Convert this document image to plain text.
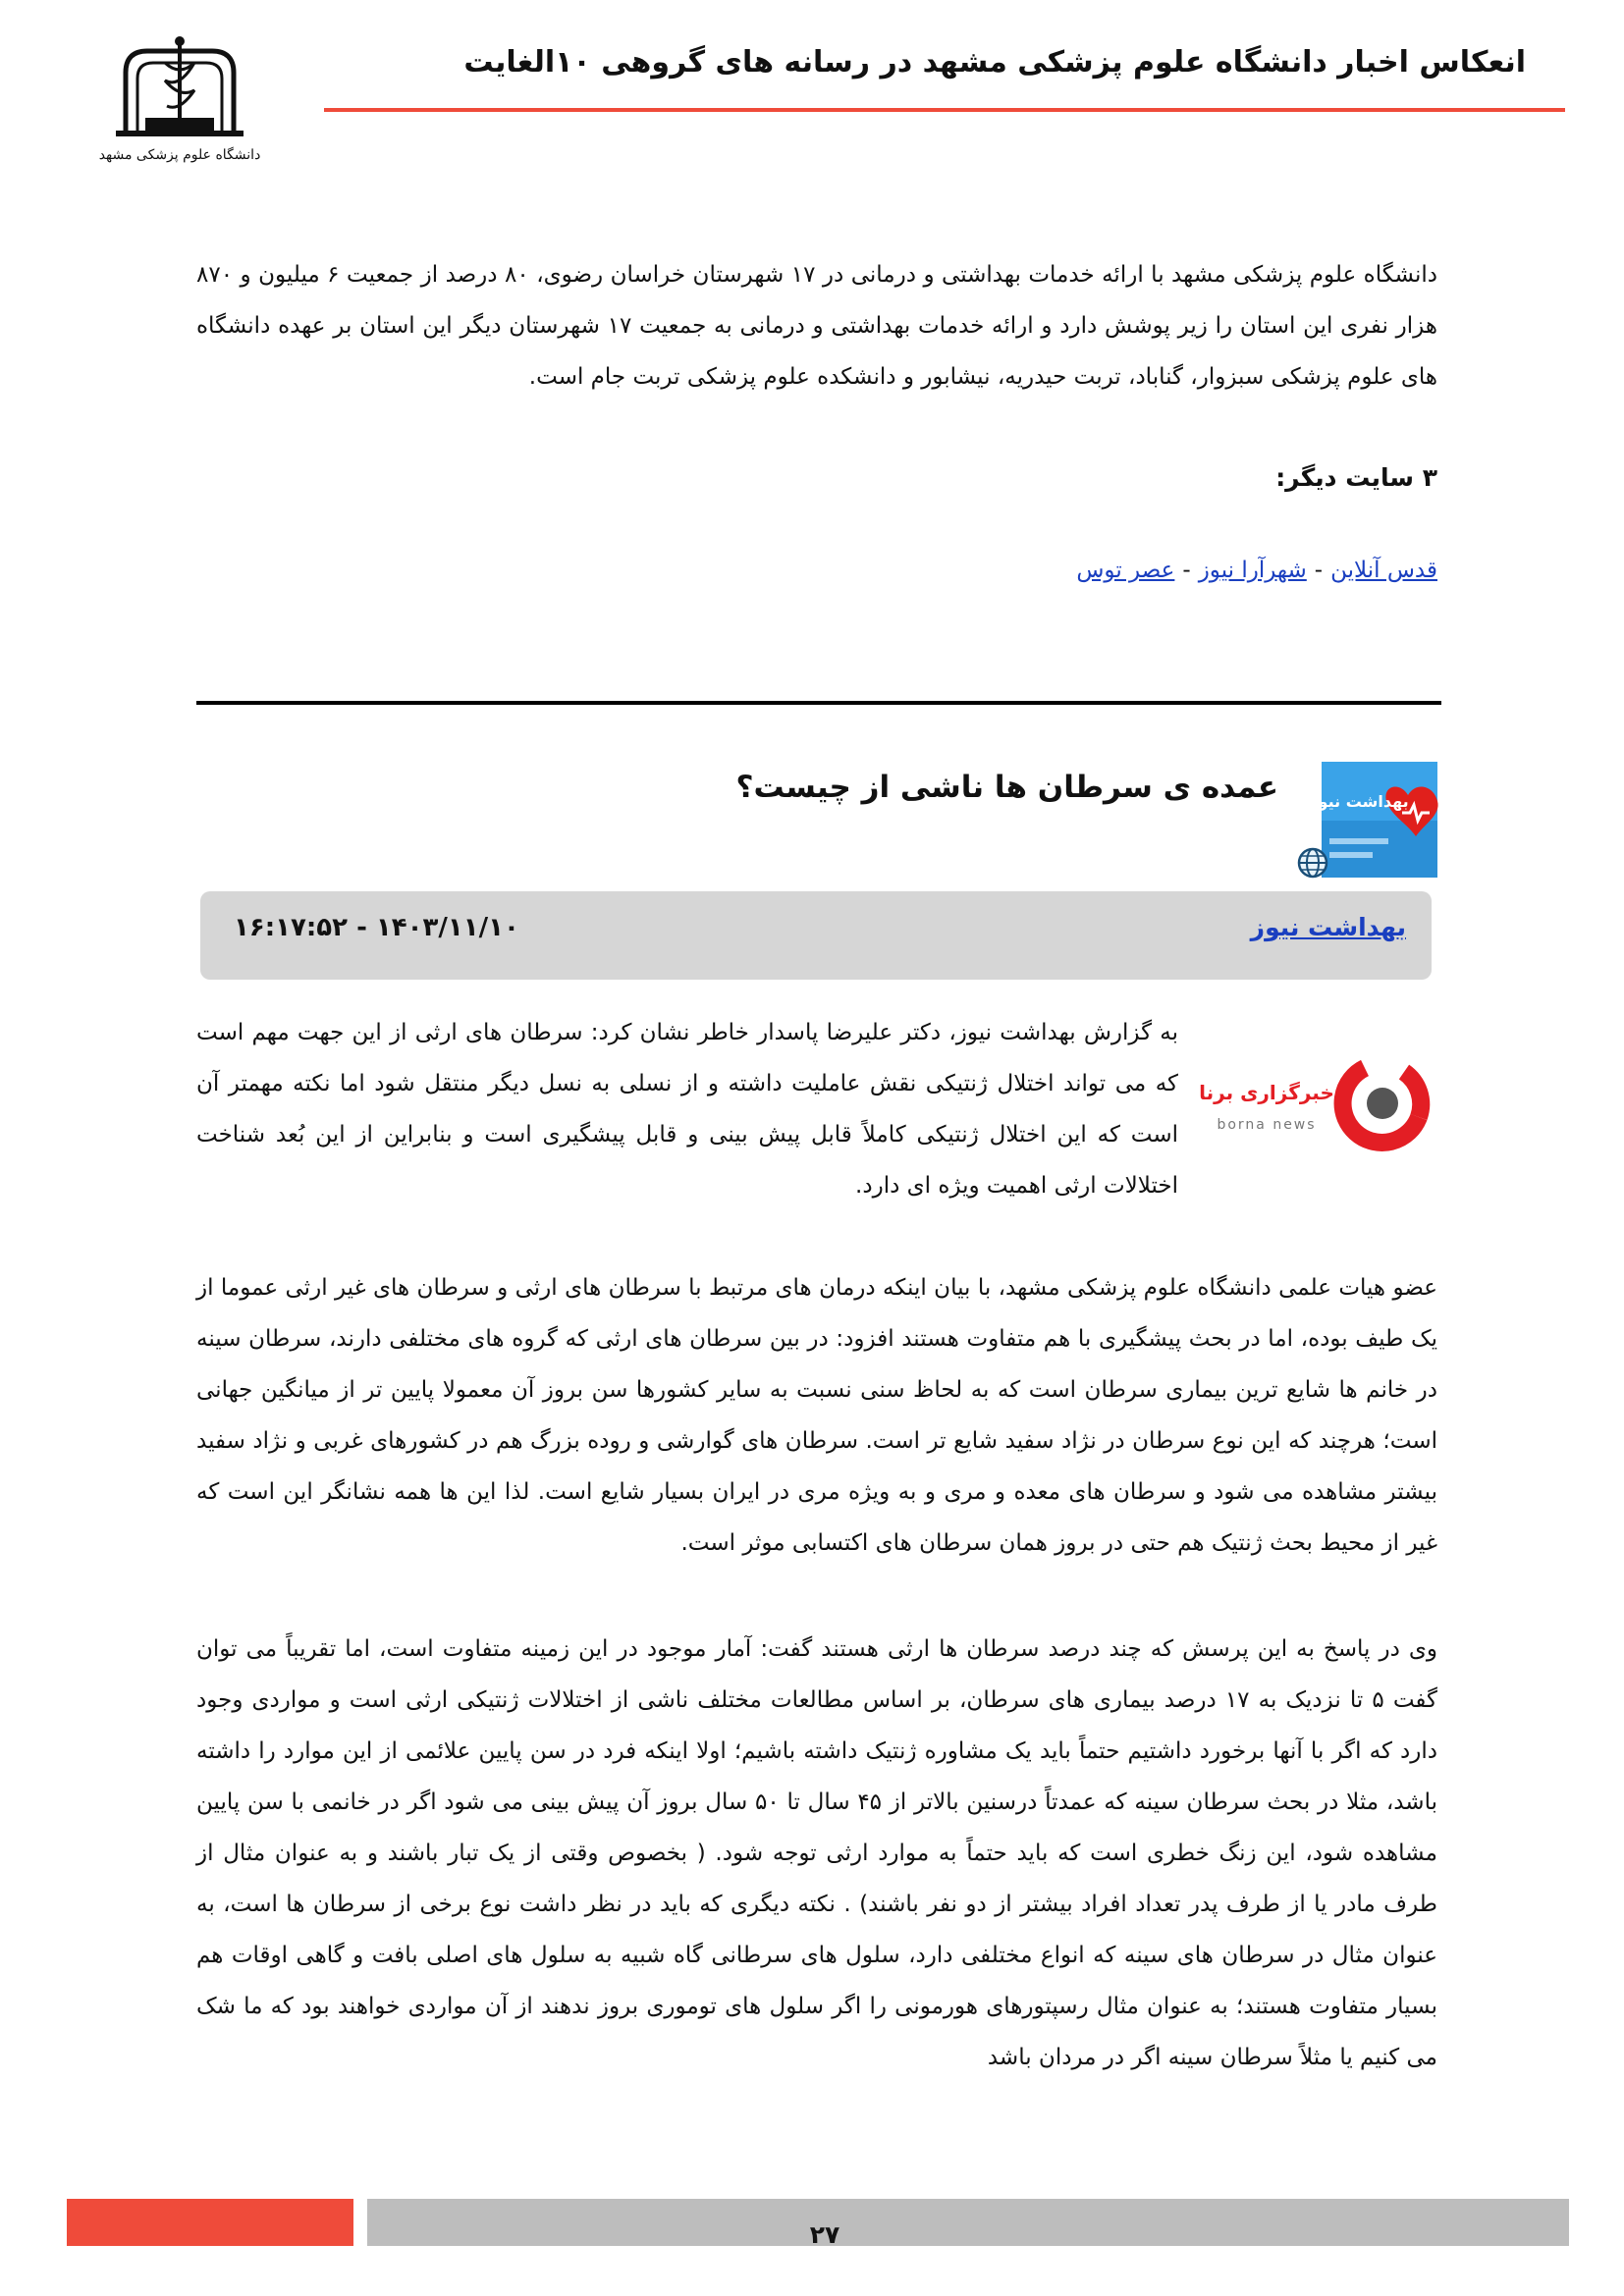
انعکاس اخبار دانشگاه علوم پزشکی مشهد در رسانه های گروهی ۱۰الغایت
دانشگاه علوم پزشکی مشهد
دانشگاه علوم پزشکی مشهد با ارائه خدمات بهداشتی و درمانی در ۱۷ شهرستان خراسان رضوی، ۸۰ درصد از جمعیت ۶ میلیون و ۸۷۰ هزار نفری این استان را زیر پوشش دارد و ارائه خدمات بهداشتی و درمانی به جمعیت ۱۷ شهرستان دیگر این استان بر عهده دانشگاه های علوم پزشکی سبزوار، گناباد، تربت حیدریه، نیشابور و دانشکده علوم پزشکی تربت جام است.
۳ سایت دیگر:
قدس آنلاین-شهرآرا نیوز-عصر توس
بهداشت نیوز
عمده ی سرطان ها ناشی از چیست؟
بهداشت نیوز
۱۴۰۳/۱۱/۱۰ - ۱۶:۱۷:۵۲
خبرگزاری برنا
borna news
به گزارش بهداشت نیوز، دکتر علیرضا پاسدار خاطر نشان کرد: سرطان های ارثی از این جهت مهم است که می تواند اختلال ژنتیکی نقش عاملیت داشته و از نسلی به نسل دیگر منتقل شود اما نکته مهمتر آن است که این اختلال ژنتیکی کاملاً قابل پیش بینی و قابل پیشگیری است و بنابراین از این بُعد شناخت اختلالات ارثی اهمیت ویژه ای دارد.
عضو هیات علمی دانشگاه علوم پزشکی مشهد، با بیان اینکه درمان های مرتبط با سرطان های ارثی و سرطان های غیر ارثی عموما از یک طیف بوده، اما در بحث پیشگیری با هم متفاوت هستند افزود: در بین سرطان های ارثی که گروه های مختلفی دارند، سرطان سینه در خانم ها شایع ترین بیماری سرطان است که به لحاظ سنی نسبت به سایر کشورها سن بروز آن معمولا پایین تر از میانگین جهانی است؛ هرچند که این نوع سرطان در نژاد سفید شایع تر است. سرطان های گوارشی و روده بزرگ هم در کشورهای غربی و نژاد سفید بیشتر مشاهده می شود و سرطان های معده و مری و به ویژه مری در ایران بسیار شایع است. لذا این ها همه نشانگر این است که غیر از محیط بحث ژنتیک هم حتی در بروز همان سرطان های اکتسابی موثر است.
وی در پاسخ به این پرسش که چند درصد سرطان ها ارثی هستند گفت: آمار موجود در این زمینه متفاوت است، اما تقریباً می توان گفت ۵ تا نزدیک به ۱۷ درصد بیماری های سرطان، بر اساس مطالعات مختلف ناشی از اختلالات ژنتیکی ارثی است و مواردی وجود دارد که اگر با آنها برخورد داشتیم حتماً باید یک مشاوره ژنتیک داشته باشیم؛ اولا اینکه فرد در سن پایین علائمی از این موارد را داشته باشد، مثلا در بحث سرطان سینه که عمدتاً درسنین بالاتر از ۴۵ سال تا ۵۰ سال بروز آن پیش بینی می شود اگر در خانمی با سن پایین مشاهده شود، این زنگ خطری است که باید حتماً به موارد ارثی توجه شود. ( بخصوص وقتی از یک تبار باشند و به عنوان مثال از طرف مادر یا از طرف پدر تعداد افراد بیشتر از دو نفر باشند) . نکته دیگری که باید در نظر داشت نوع برخی از سرطان ها است، به عنوان مثال در سرطان های سینه که انواع مختلفی دارد، سلول های سرطانی گاه شبیه به سلول های اصلی بافت و گاهی اوقات هم بسیار متفاوت هستند؛ به عنوان مثال رسپتورهای هورمونی را اگر سلول های توموری بروز ندهند از آن مواردی خواهند بود که ما شک می کنیم یا مثلاً سرطان سینه اگر در مردان باشد
۲۷
